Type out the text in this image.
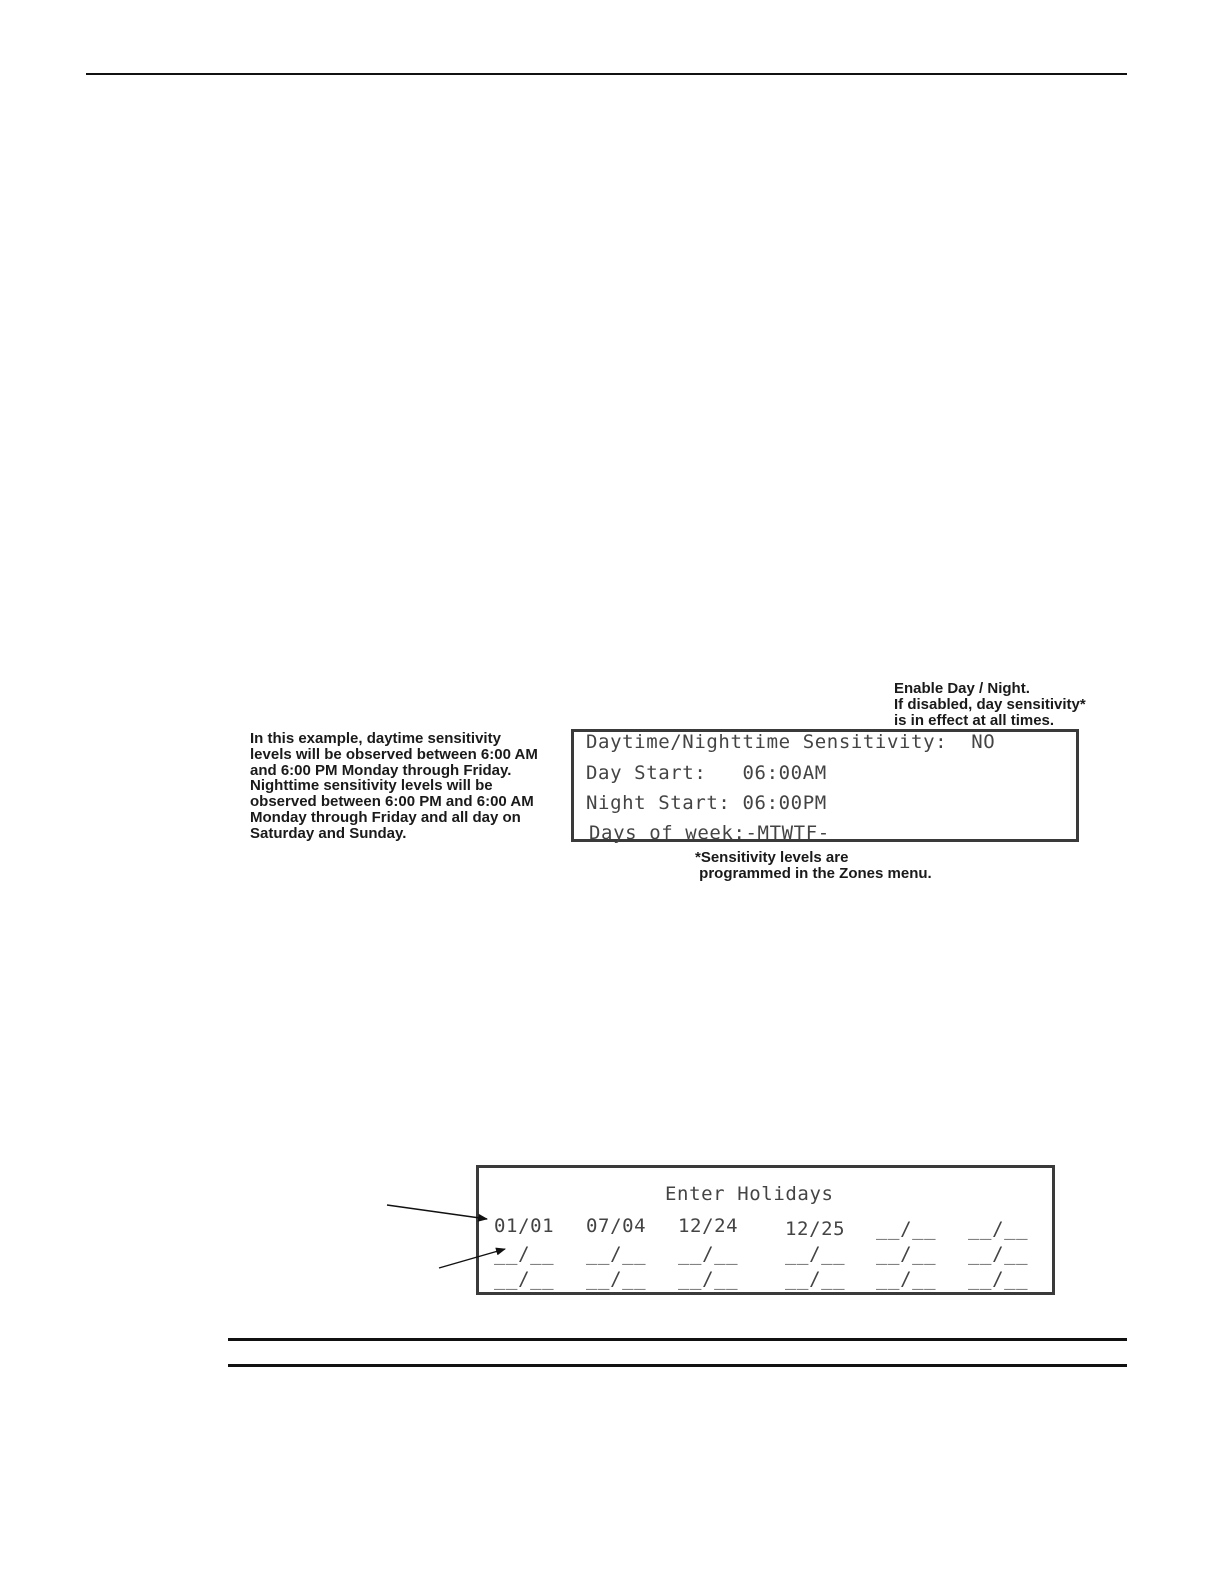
In this example, daytime sensitivity
levels will be observed between 6:00 AM
and 6:00 PM Monday through Friday.
Nighttime sensitivity levels will be
observed between 6:00 PM and 6:00 AM
Monday through Friday and all day on
Saturday and Sunday.
Enable Day / Night.
If disabled, day sensitivity*
is in effect at all times.
Daytime/Nighttime Sensitivity:  NO
Day Start:   06:00AM
Night Start: 06:00PM
Days of week:-MTWTF-
*Sensitivity levels are
programmed in the Zones menu.
Enter Holidays
01/01 07/04 12/24 12/25 __/__ __/__
__/__ __/__ __/__ __/__ __/__ __/__
__/__ __/__ __/__ __/__ __/__ __/__
